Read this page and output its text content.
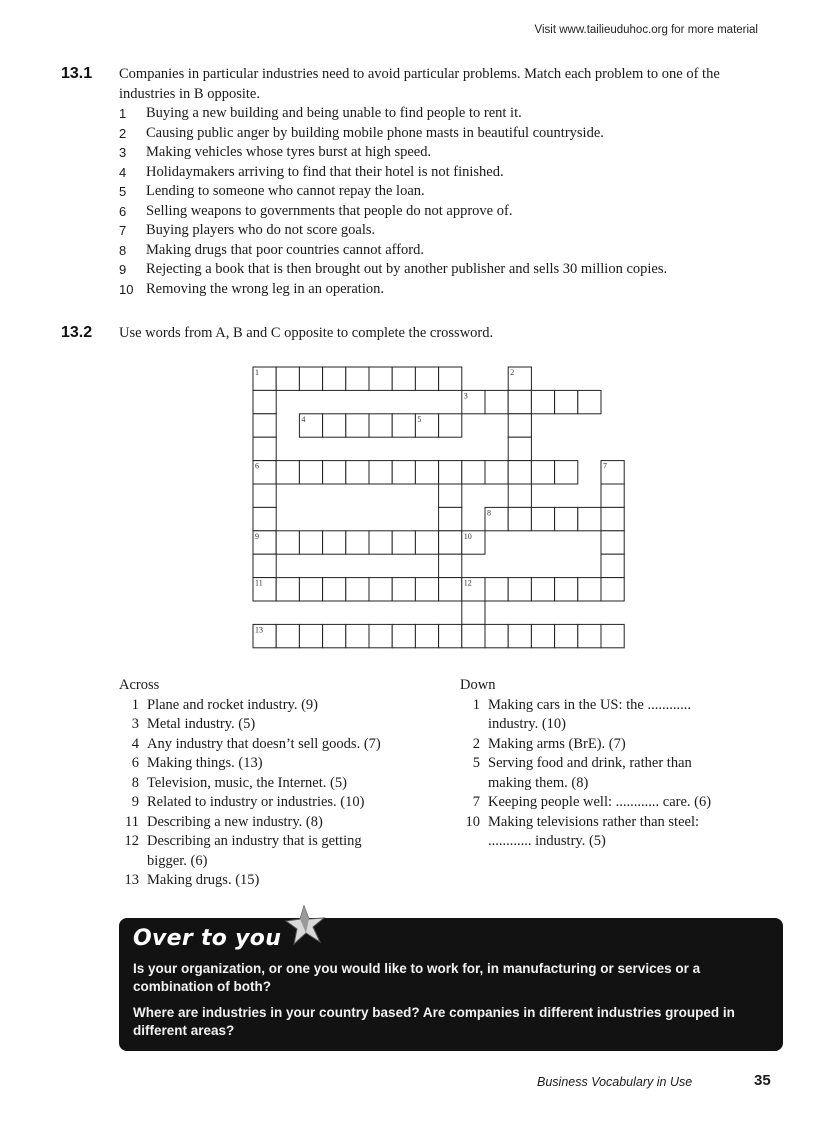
Visit www.tailieuduhoc.org for more material
13.1 Companies in particular industries need to avoid particular problems. Match each problem to one of the industries in B opposite.
1	Buying a new building and being unable to find people to rent it.
2	Causing public anger by building mobile phone masts in beautiful countryside.
3	Making vehicles whose tyres burst at high speed.
4	Holidaymakers arriving to find that their hotel is not finished.
5	Lending to someone who cannot repay the loan.
6	Selling weapons to governments that people do not approve of.
7	Buying players who do not score goals.
8	Making drugs that poor countries cannot afford.
9	Rejecting a book that is then brought out by another publisher and sells 30 million copies.
10 Removing the wrong leg in an operation.
13.2 Use words from A, B and C opposite to complete the crossword.
1	2
3
4	5
6	7
8
9	10
11	12
13
Across
1 Plane and rocket industry. (9)
3 Metal industry. (5)
4 Any industry that doesn’t sell goods. (7)
6 Making things. (13)
8 Television, music, the Internet. (5)
9 Related to industry or industries. (10)
11 Describing a new industry. (8)
12 Describing an industry that is getting
bigger. (6)
13 Making drugs. (15)
Down
1 Making cars in the US: the ............
industry. (10)
2 Making arms (BrE). (7)
5 Serving food and drink, rather than
making them. (8)
7 Keeping people well: ............ care. (6)
10 Making televisions rather than steel:
............ industry. (5)
Over to you
Is your organization, or one you would like to work for, in manufacturing or services or a combination of both?
Where are industries in your country based? Are companies in different industries grouped in different areas?
Business Vocabulary in Use	35
